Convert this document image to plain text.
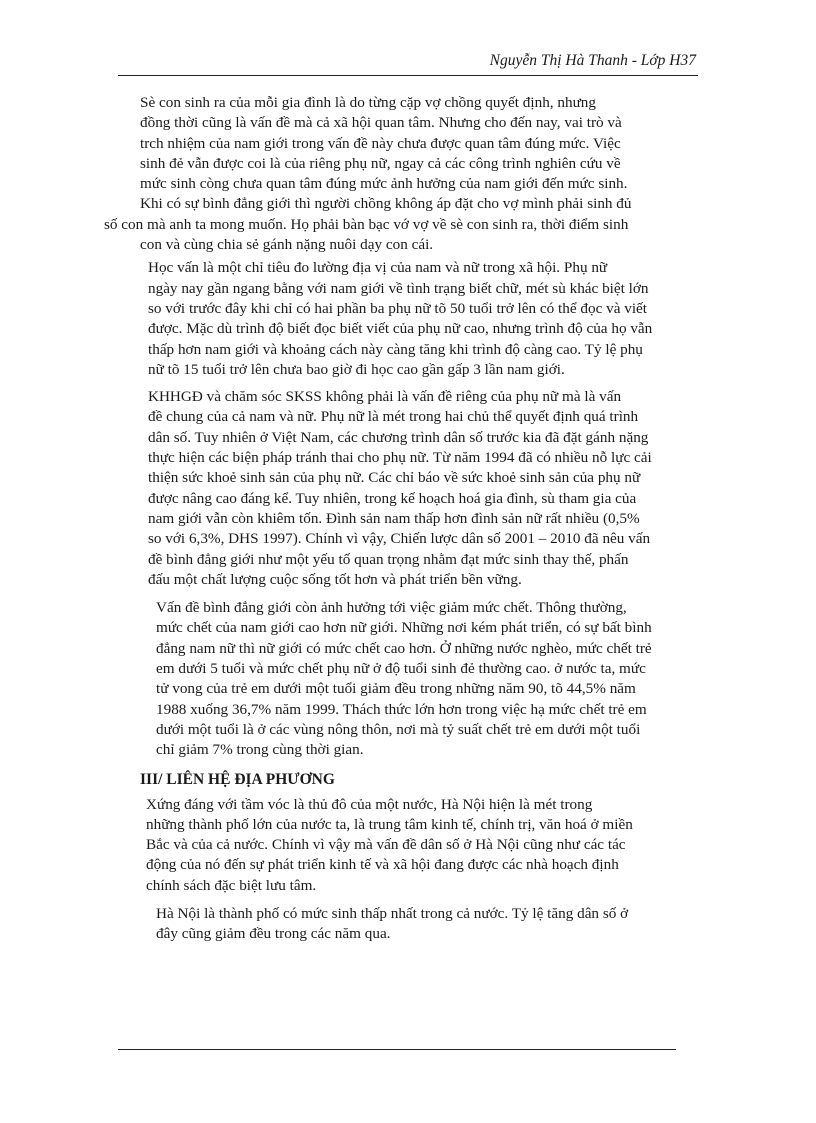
Nguyễn Thị Hà Thanh - Lớp H37

Sè con sinh ra của mỗi gia đình là do từng cặp vợ chồng quyết định, nhưng
đồng thời cũng là vấn đề mà cả xã hội quan tâm. Nhưng cho đến nay, vai trò và
trch nhiệm của nam giới trong vấn đề này chưa được quan tâm đúng mức. Việc
sinh đẻ vẫn được coi là của riêng phụ nữ, ngay cả các công trình nghiên cứu về
mức sinh còng chưa quan tâm đúng mức ảnh hưởng của nam giới đến mức sinh.
Khi có sự bình đẳng giới thì người chồng không áp đặt cho vợ mình phải sinh đủ
số con mà anh ta mong muốn. Họ phải bàn bạc vớ vợ về sè con sinh ra, thời điểm sinh
con và cùng chia sẻ gánh nặng nuôi dạy con cái.

Học vấn là một chỉ tiêu đo lường địa vị của nam và nữ trong xã hội. Phụ nữ
ngày nay gần ngang bằng với nam giới về tình trạng biết chữ, mét sù khác biệt lớn
so với trước đây khi chỉ có hai phần ba phụ nữ tõ 50 tuổi trở lên có thể đọc và viết
được. Mặc dù trình độ biết đọc biết viết của phụ nữ cao, nhưng trình độ của họ vẫn
thấp hơn nam giới và khoảng cách này càng tăng khi trình độ càng cao. Tỷ lệ phụ
nữ tõ 15 tuổi trở lên chưa bao giờ đi học cao gần gấp 3 lần nam giới.

KHHGĐ và chăm sóc SKSS không phải là vấn đề riêng của phụ nữ mà là vấn
đề chung của cả nam và nữ. Phụ nữ là mét trong hai chủ thể quyết định quá trình
dân số. Tuy nhiên ở Việt Nam, các chương trình dân số trước kia đã đặt gánh nặng
thực hiện các biện pháp tránh thai cho phụ nữ. Từ năm 1994 đã có nhiều nỗ lực cải
thiện sức khoẻ sinh sản của phụ nữ. Các chỉ báo về sức khoẻ sinh sản của phụ nữ
được nâng cao đáng kể. Tuy nhiên, trong kế hoạch hoá gia đình, sù tham gia của
nam giới vẫn còn khiêm tốn. Đình sản nam thấp hơn đình sản nữ rất nhiều (0,5%
so với 6,3%, DHS 1997). Chính vì vậy, Chiến lược dân số 2001 – 2010 đã nêu vấn
đề bình đẳng giới như một yếu tố quan trọng nhằm đạt mức sinh thay thế, phấn
đấu một chất lượng cuộc sống tốt hơn và phát triển bền vững.

Vấn đề bình đẳng giới còn ảnh hưởng tới việc giảm mức chết. Thông thường,
mức chết của nam giới cao hơn nữ giới. Những nơi kém phát triển, có sự bất bình
đẳng nam nữ thì nữ giới có mức chết cao hơn. Ở những nước nghèo, mức chết trẻ
em dưới 5 tuổi và mức chết phụ nữ ở độ tuổi sinh đẻ thường cao. ở nước ta, mức
tử vong của trẻ em dưới một tuổi giảm đều trong những năm 90, tõ 44,5% năm
1988 xuống 36,7% năm 1999. Thách thức lớn hơn trong việc hạ mức chết trẻ em
dưới một tuổi là ở các vùng nông thôn, nơi mà tỷ suất chết trẻ em dưới một tuổi
chỉ giảm 7% trong cùng thời gian.

III/ LIÊN HỆ ĐỊA PHƯƠNG

Xứng đáng với tầm vóc là thủ đô của một nước, Hà Nội hiện là mét trong
những thành phố lớn của nước ta, là trung tâm kinh tế, chính trị, văn hoá ở miền
Bắc và của cả nước. Chính vì vậy mà vấn đề dân số ở Hà Nội cũng như các tác
động của nó đến sự phát triển kinh tế và xã hội đang được các nhà hoạch định
chính sách đặc biệt lưu tâm.

Hà Nội là thành phố có mức sinh thấp nhất trong cả nước. Tỷ lệ tăng dân số ở
đây cũng giảm đều trong các năm qua.
